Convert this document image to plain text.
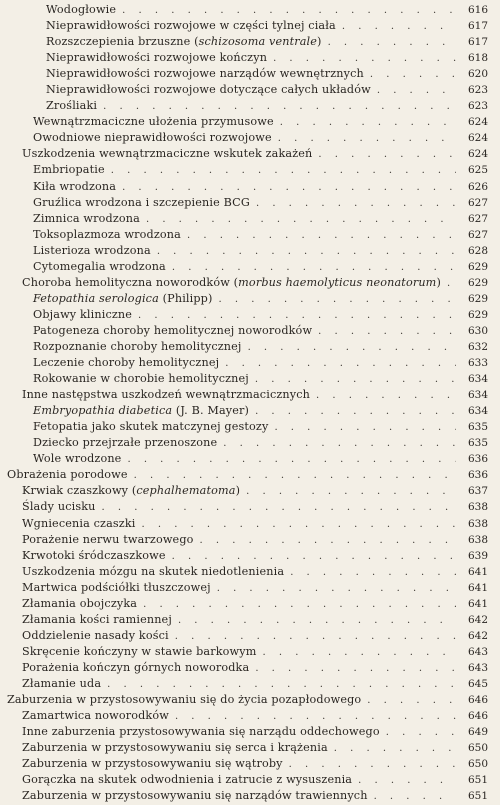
Wodogłowie . . .	616
Nieprawidłowości rozwojowe w części tylnej ciała . . .	617
Rozszczepienia brzuszne (schizosoma ventrale) . . .	617
Nieprawidłowości rozwojowe kończyn . . .	618
Nieprawidłowości rozwojowe narządów wewnętrznych . . .	620
Nieprawidłowości rozwojowe dotyczące całych układów . . .	623
Zrośliaki . . .	623
Wewnątrzmaciczne ułożenia przymusowe . . .	624
Owodniowe nieprawidłowości rozwojowe . . .	624
Uszkodzenia wewnątrzmaciczne wskutek zakażeń . . .	624
Embriopatie . . .	625
Kiła wrodzona . . .	626
Gruźlica wrodzona i szczepienie BCG . . .	627
Zimnica wrodzona . . .	627
Toksoplazmoza wrodzona . . .	627
Listerioza wrodzona . . .	628
Cytomegalia wrodzona . . .	629
Choroba hemolityczna noworodków (morbus haemolyticus neonatorum) . . .	629
Fetopathia serologica (Philipp) . . .	629
Objawy kliniczne . . .	629
Patogeneza choroby hemolitycznej noworodków . . .	630
Rozpoznanie choroby hemolitycznej . . .	632
Leczenie choroby hemolitycznej . . .	633
Rokowanie w chorobie hemolitycznej . . .	634
Inne następstwa uszkodzeń wewnątrzmacicznych . . .	634
Embryopathia diabetica (J. B. Mayer) . . .	634
Fetopatia jako skutek matczynej gestozy . . .	635
Dziecko przejrzałe przenoszone . . .	635
Wole wrodzone . . .	636
Obrażenia porodowe . . .	636
Krwiak czaszkowy (cephalhematoma) . . .	637
Ślady ucisku . . .	638
Wgniecenia czaszki . . .	638
Porażenie nerwu twarzowego . . .	638
Krwotoki śródczaszkowe . . .	639
Uszkodzenia mózgu na skutek niedotlenienia . . .	641
Martwica podściółki tłuszczowej . . .	641
Złamania obojczyka . . .	641
Złamania kości ramiennej . . .	642
Oddzielenie nasady kości . . .	642
Skręcenie kończyny w stawie barkowym . . .	643
Porażenia kończyn górnych noworodka . . .	643
Złamanie uda . . .	645
Zaburzenia w przystosowywaniu się do życia pozapłodowego . . .	646
Zamartwica noworodków . . .	646
Inne zaburzenia przystosowywania się narządu oddechowego . . .	649
Zaburzenia w przystosowywaniu się serca i krążenia . . .	650
Zaburzenia w przystosowywaniu się wątroby . . .	650
Gorączka na skutek odwodnienia i zatrucie z wysuszenia . . .	651
Zaburzenia w przystosowywaniu się narządów trawiennych . . .	651
